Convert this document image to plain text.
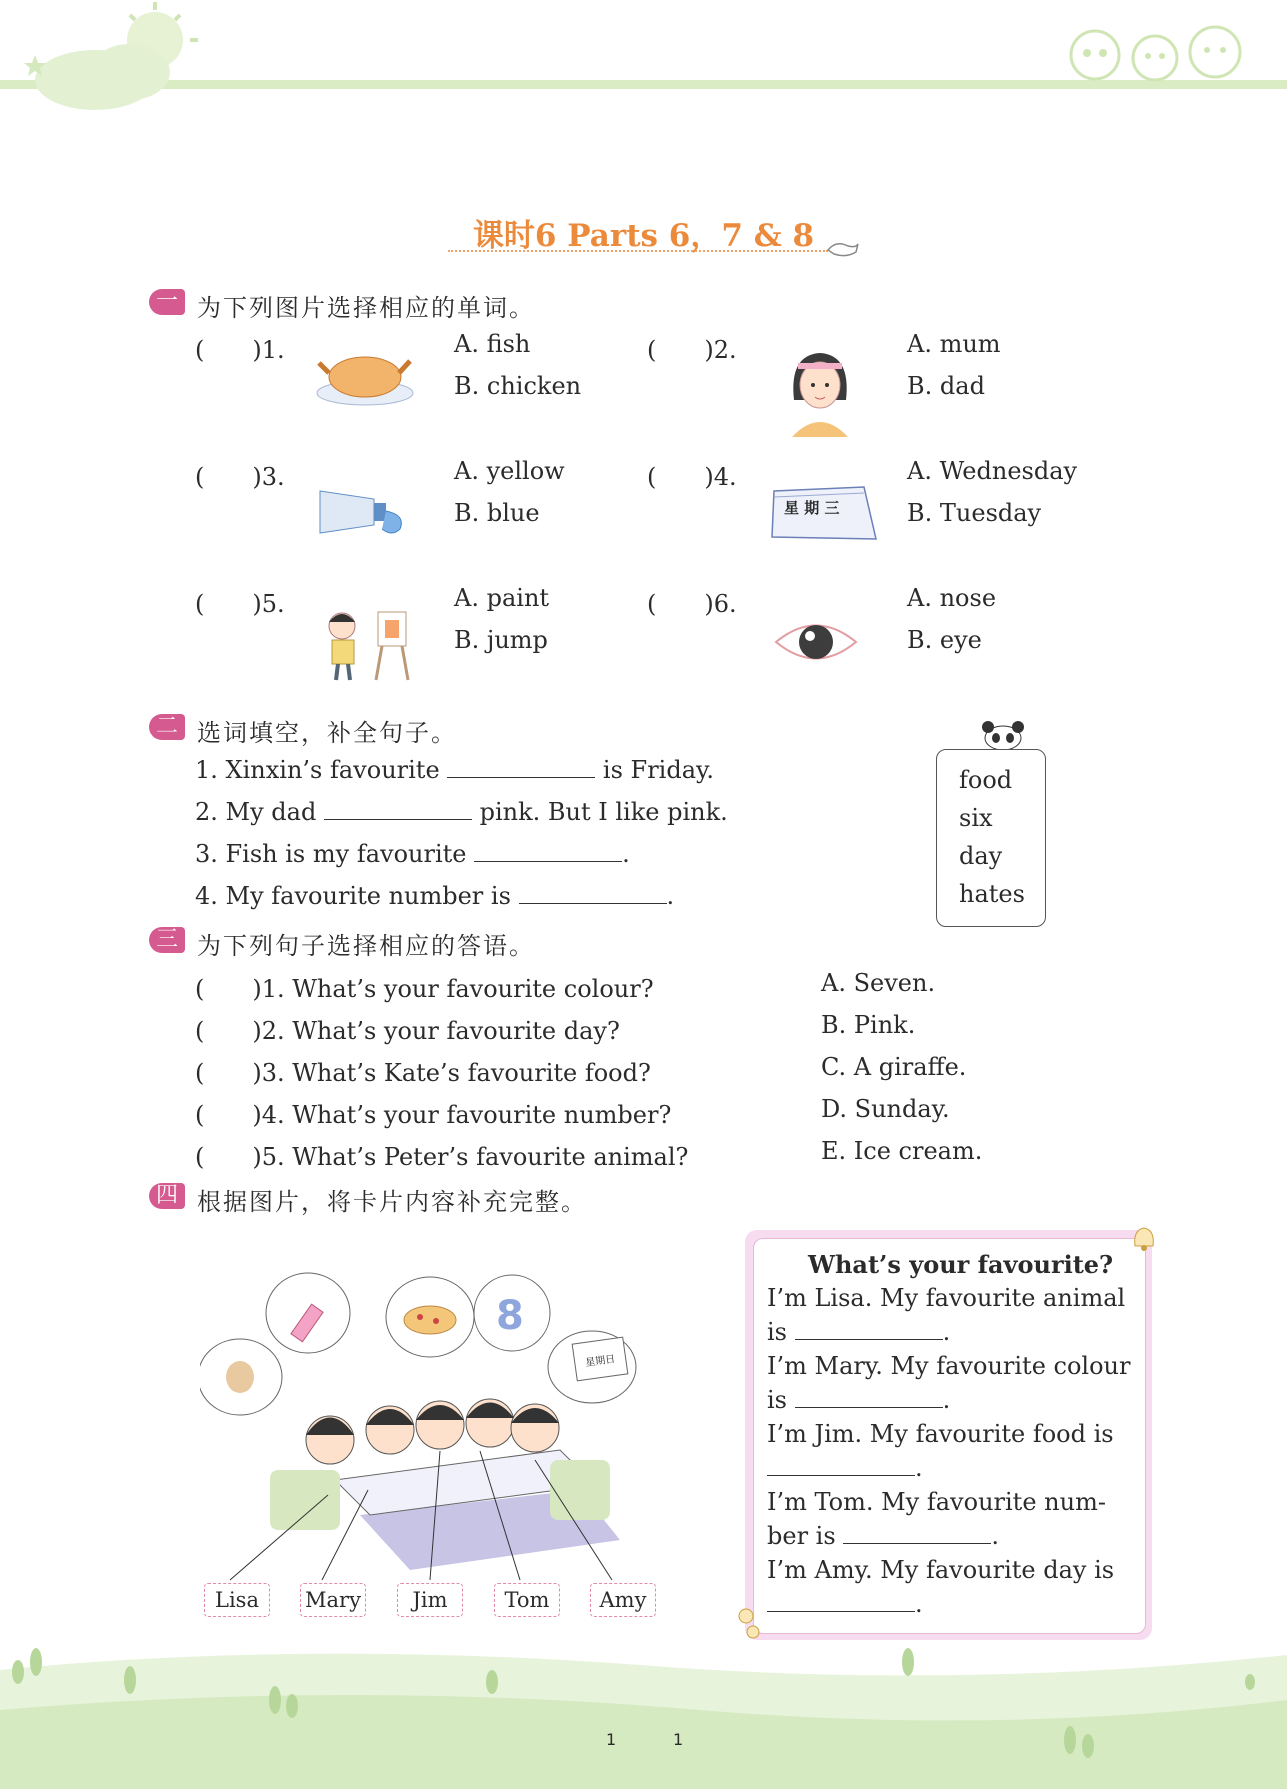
课时6 Parts 6，7 & 8
一 为下列图片选择相应的单词。
(　　)1.	A. fish
B. chicken
(　　)2.	A. mum
B. dad
(　　)3.	A. yellow
B. blue
(　　)4.	A. Wednesday
B. Tuesday
星 期 三
(　　)5.	A. paint
B. jump
(　　)6.	A. nose
B. eye
二 选词填空，补全句子。
1. Xinxin’s favourite	is Friday.
2. My dad	pink. But I like pink.
3. Fish is my favourite	.
4. My favourite number is	.
food
six
day
hates
三 为下列句子选择相应的答语。
(　　)1. What’s your favourite colour?
(　　)2. What’s your favourite day?
(　　)3. What’s Kate’s favourite food?
(　　)4. What’s your favourite number?
(　　)5. What’s Peter’s favourite animal?
A. Seven.
B. Pink.
C. A giraffe.
D. Sunday.
E. Ice cream.
四 根据图片，将卡片内容补充完整。
8
星期日
Lisa	Mary	Jim	Tom	Amy
What’s your favourite?
I’m Lisa. My favourite animal
is	.
I’m Mary. My favourite colour
is	.
I’m Jim. My favourite food is
.
I’m Tom. My favourite num-
ber is	.
I’m Amy. My favourite day is
.
1	1
